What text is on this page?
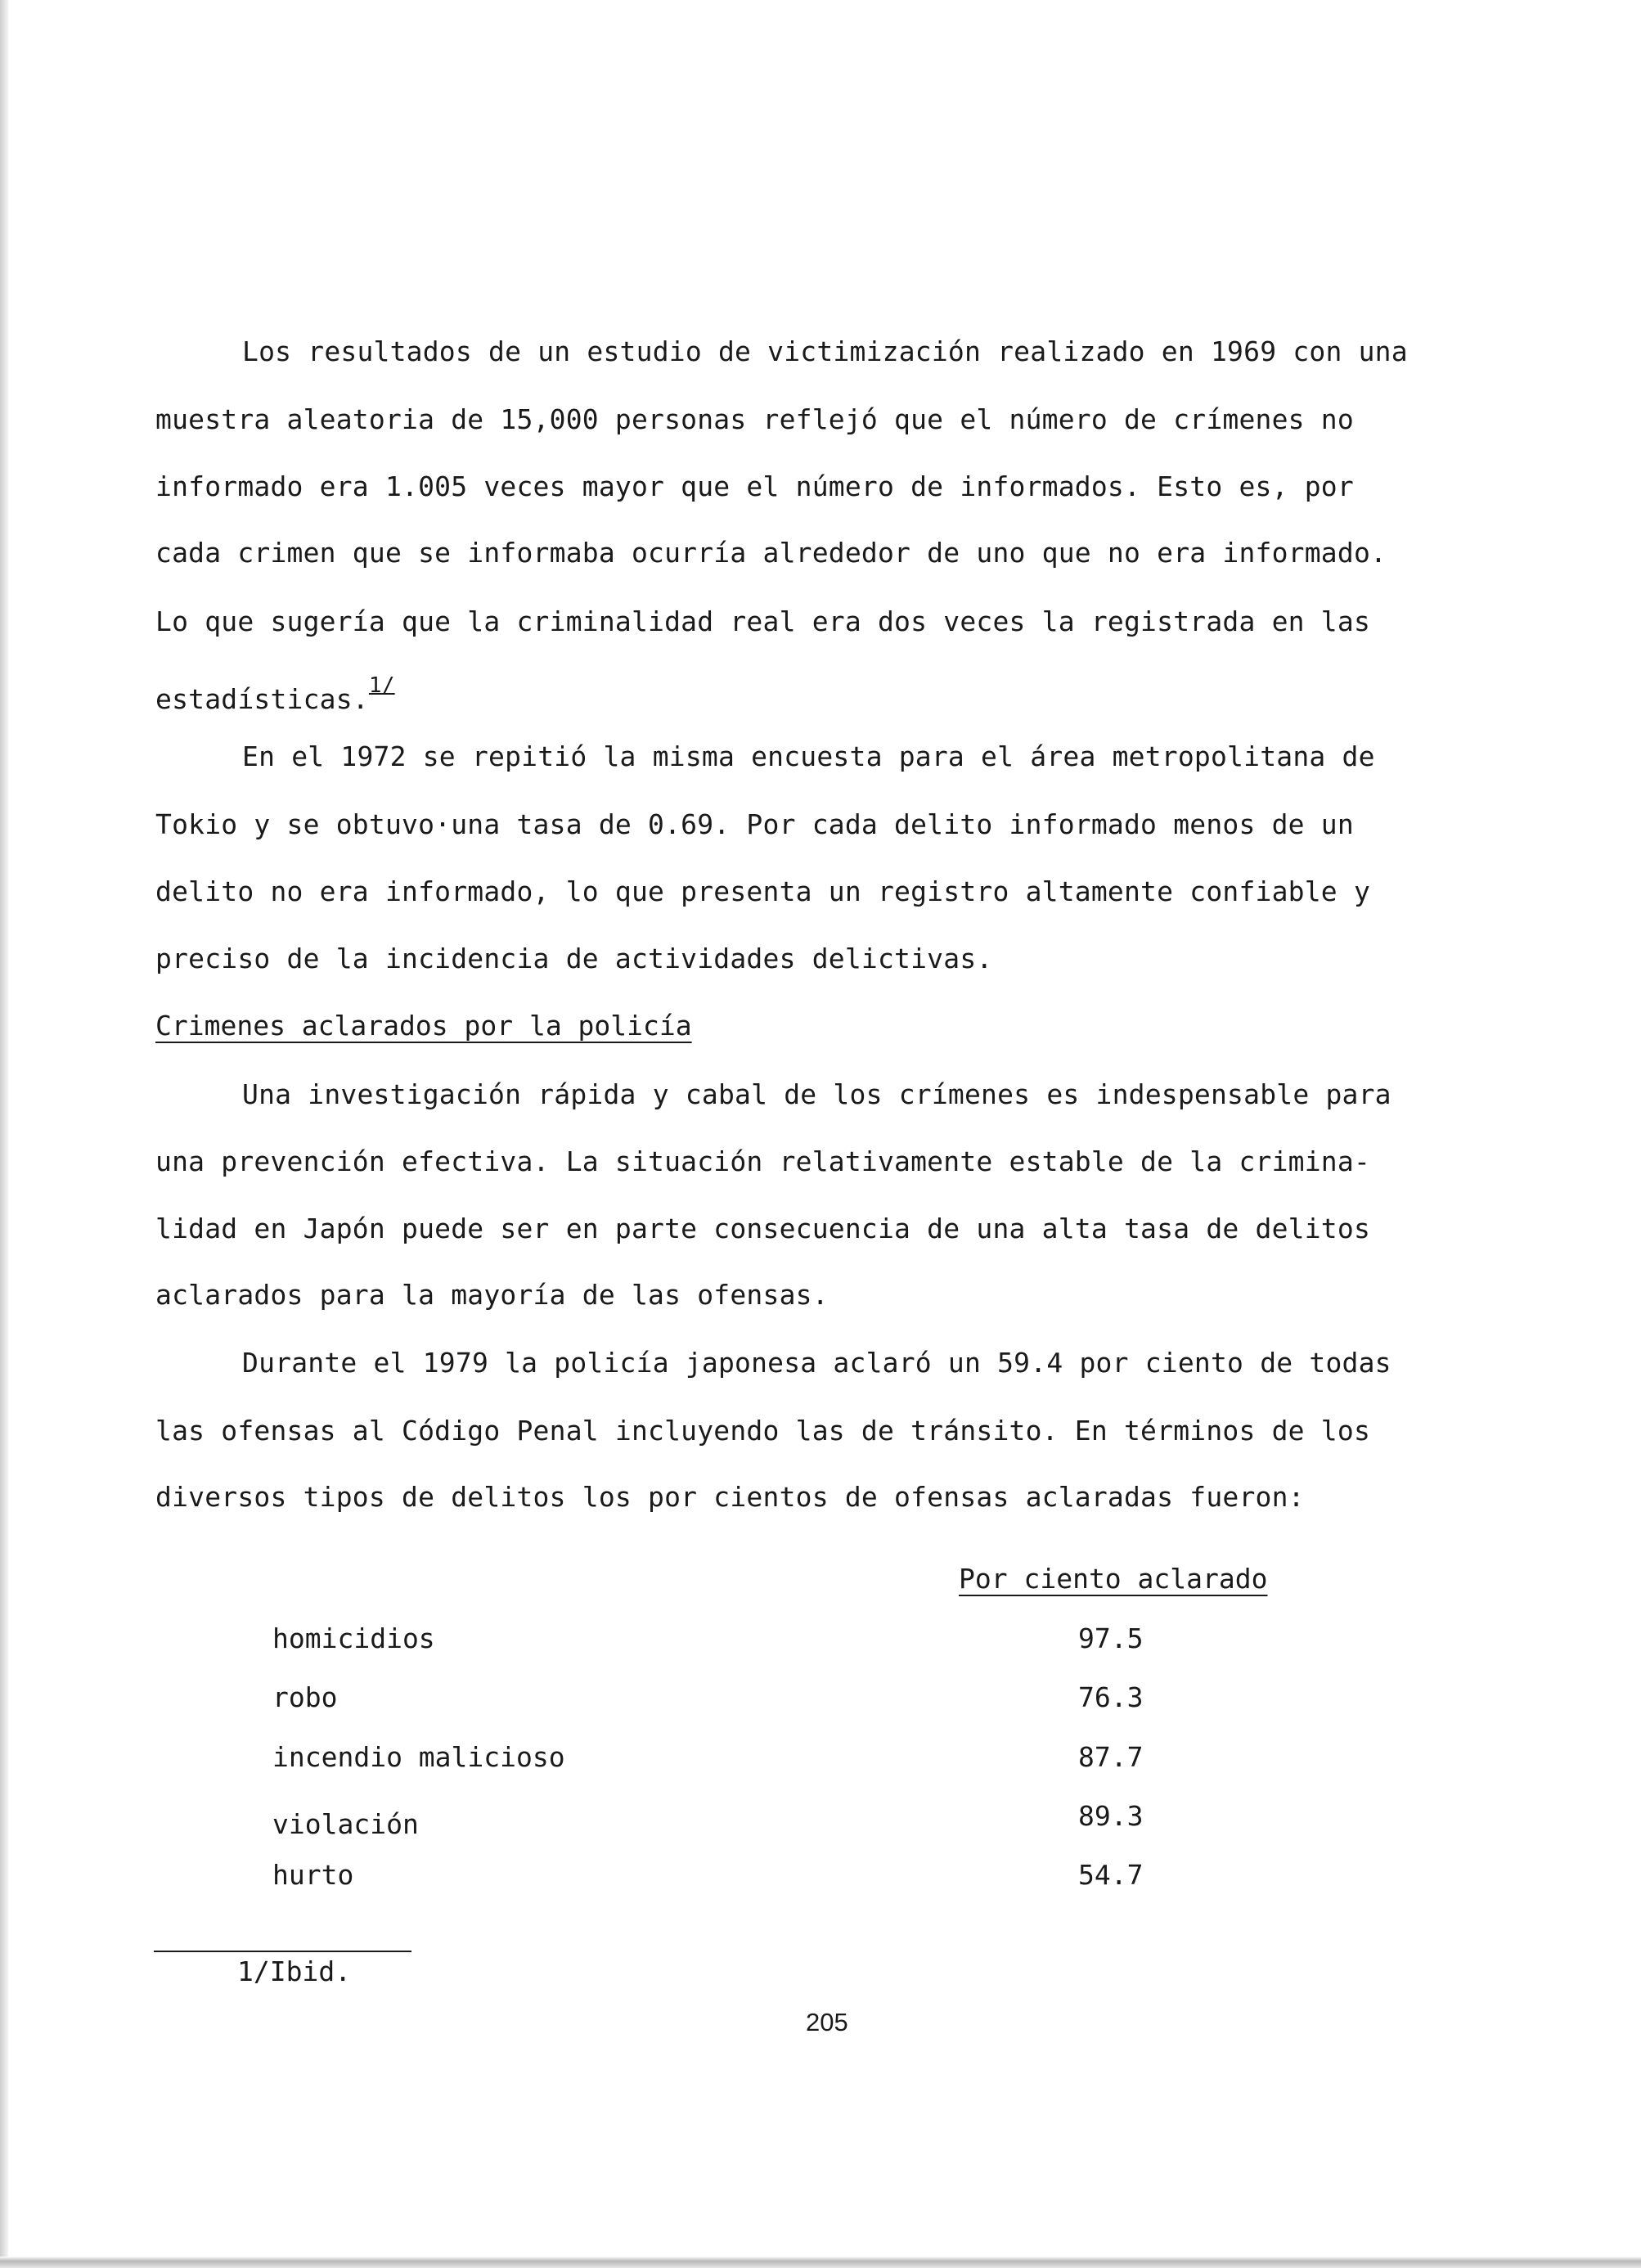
Los resultados de un estudio de victimización realizado en 1969 con una
muestra aleatoria de 15,000 personas reflejó que el número de crímenes no
informado era 1.005 veces mayor que el número de informados. Esto es, por
cada crimen que se informaba ocurría alrededor de uno que no era informado.
Lo que sugería que la criminalidad real era dos veces la registrada en las
estadísticas.$^{1/}$
En el 1972 se repitió la misma encuesta para el área metropolitana de
Tokio y se obtuvo·una tasa de 0.69. Por cada delito informado menos de un
delito no era informado, lo que presenta un registro altamente confiable y
preciso de la incidencia de actividades delictivas.
Crimenes aclarados por la policía
Una investigación rápida y cabal de los crímenes es indespensable para
una prevención efectiva. La situación relativamente estable de la crimina-
lidad en Japón puede ser en parte consecuencia de una alta tasa de delitos
aclarados para la mayoría de las ofensas.
Durante el 1979 la policía japonesa aclaró un 59.4 por ciento de todas
las ofensas al Código Penal incluyendo las de tránsito. En términos de los
diversos tipos de delitos los por cientos de ofensas aclaradas fueron:
Por ciento aclarado
homicidios	97.5
robo	76.3
incendio malicioso	87.7
violación	89.3
hurto	54.7
1/Ibid.
205
